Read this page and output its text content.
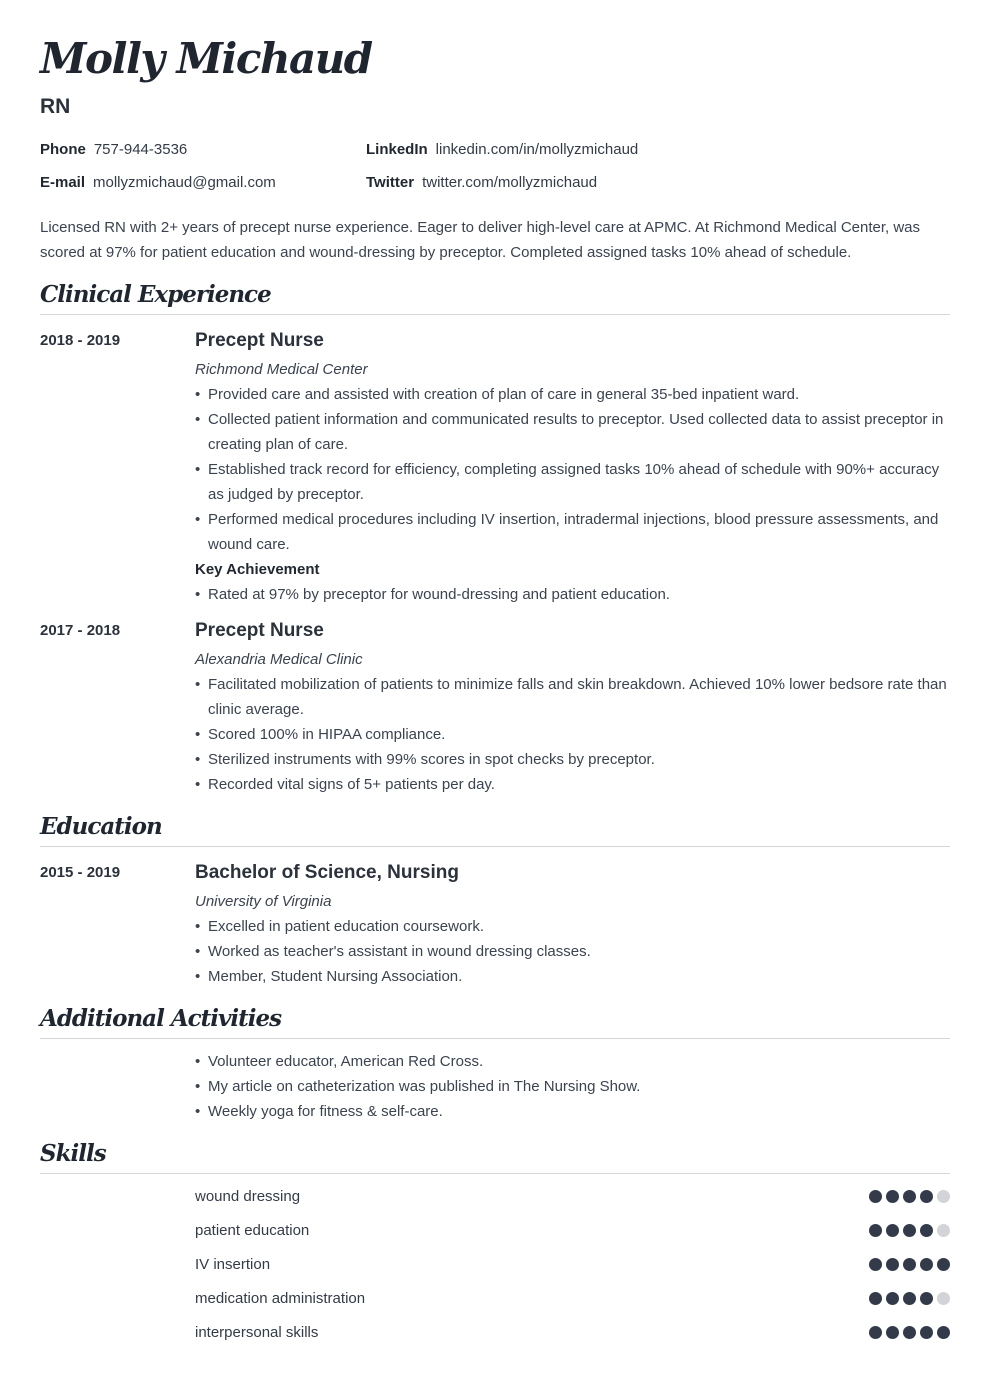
Molly Michaud
RN
Phone 757-944-3536	LinkedIn linkedin.com/in/mollyzmichaud
E-mail mollyzmichaud@gmail.com	Twitter twitter.com/mollyzmichaud

Licensed RN with 2+ years of precept nurse experience. Eager to deliver high-level care at APMC. At Richmond Medical Center, was scored at 97% for patient education and wound-dressing by preceptor. Completed assigned tasks 10% ahead of schedule.

Clinical Experience
2018 - 2019	Precept Nurse
Richmond Medical Center
• Provided care and assisted with creation of plan of care in general 35-bed inpatient ward.
• Collected patient information and communicated results to preceptor. Used collected data to assist preceptor in creating plan of care.
• Established track record for efficiency, completing assigned tasks 10% ahead of schedule with 90%+ accuracy as judged by preceptor.
• Performed medical procedures including IV insertion, intradermal injections, blood pressure assessments, and wound care.
Key Achievement
• Rated at 97% by preceptor for wound-dressing and patient education.
2017 - 2018	Precept Nurse
Alexandria Medical Clinic
• Facilitated mobilization of patients to minimize falls and skin breakdown. Achieved 10% lower bedsore rate than clinic average.
• Scored 100% in HIPAA compliance.
• Sterilized instruments with 99% scores in spot checks by preceptor.
• Recorded vital signs of 5+ patients per day.
Education
2015 - 2019	Bachelor of Science, Nursing
University of Virginia
• Excelled in patient education coursework.
• Worked as teacher's assistant in wound dressing classes.
• Member, Student Nursing Association.
Additional Activities
• Volunteer educator, American Red Cross.
• My article on catheterization was published in The Nursing Show.
• Weekly yoga for fitness & self-care.
Skills
wound dressing
patient education
IV insertion
medication administration
interpersonal skills
